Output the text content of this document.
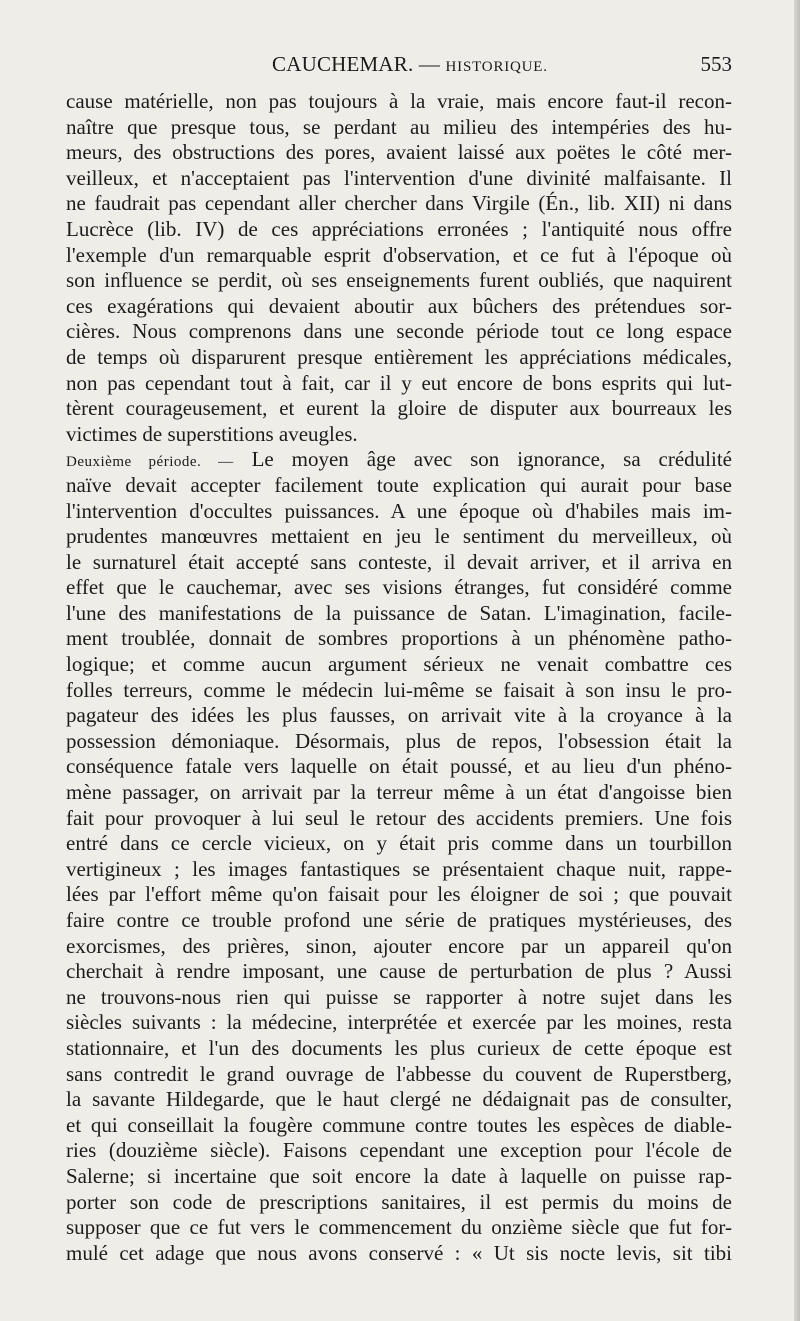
CAUCHEMAR. — HISTORIQUE.	553
cause matérielle, non pas toujours à la vraie, mais encore faut-il recon-
naître que presque tous, se perdant au milieu des intempéries des hu-
meurs, des obstructions des pores, avaient laissé aux poëtes le côté mer-
veilleux, et n'acceptaient pas l'intervention d'une divinité malfaisante. Il
ne faudrait pas cependant aller chercher dans Virgile (Én., lib. XII) ni dans
Lucrèce (lib. IV) de ces appréciations erronées ; l'antiquité nous offre
l'exemple d'un remarquable esprit d'observation, et ce fut à l'époque où
son influence se perdit, où ses enseignements furent oubliés, que naquirent
ces exagérations qui devaient aboutir aux bûchers des prétendues sor-
cières. Nous comprenons dans une seconde période tout ce long espace
de temps où disparurent presque entièrement les appréciations médicales,
non pas cependant tout à fait, car il y eut encore de bons esprits qui lut-
tèrent courageusement, et eurent la gloire de disputer aux bourreaux les
victimes de superstitions aveugles.
Deuxième période. — Le moyen âge avec son ignorance, sa crédulité
naïve devait accepter facilement toute explication qui aurait pour base
l'intervention d'occultes puissances. A une époque où d'habiles mais im-
prudentes manœuvres mettaient en jeu le sentiment du merveilleux, où
le surnaturel était accepté sans conteste, il devait arriver, et il arriva en
effet que le cauchemar, avec ses visions étranges, fut considéré comme
l'une des manifestations de la puissance de Satan. L'imagination, facile-
ment troublée, donnait de sombres proportions à un phénomène patho-
logique; et comme aucun argument sérieux ne venait combattre ces
folles terreurs, comme le médecin lui-même se faisait à son insu le pro-
pagateur des idées les plus fausses, on arrivait vite à la croyance à la
possession démoniaque. Désormais, plus de repos, l'obsession était la
conséquence fatale vers laquelle on était poussé, et au lieu d'un phéno-
mène passager, on arrivait par la terreur même à un état d'angoisse bien
fait pour provoquer à lui seul le retour des accidents premiers. Une fois
entré dans ce cercle vicieux, on y était pris comme dans un tourbillon
vertigineux ; les images fantastiques se présentaient chaque nuit, rappe-
lées par l'effort même qu'on faisait pour les éloigner de soi ; que pouvait
faire contre ce trouble profond une série de pratiques mystérieuses, des
exorcismes, des prières, sinon, ajouter encore par un appareil qu'on
cherchait à rendre imposant, une cause de perturbation de plus ? Aussi
ne trouvons-nous rien qui puisse se rapporter à notre sujet dans les
siècles suivants : la médecine, interprétée et exercée par les moines, resta
stationnaire, et l'un des documents les plus curieux de cette époque est
sans contredit le grand ouvrage de l'abbesse du couvent de Ruperstberg,
la savante Hildegarde, que le haut clergé ne dédaignait pas de consulter,
et qui conseillait la fougère commune contre toutes les espèces de diable-
ries (douzième siècle). Faisons cependant une exception pour l'école de
Salerne; si incertaine que soit encore la date à laquelle on puisse rap-
porter son code de prescriptions sanitaires, il est permis du moins de
supposer que ce fut vers le commencement du onzième siècle que fut for-
mulé cet adage que nous avons conservé : « Ut sis nocte levis, sit tibi
